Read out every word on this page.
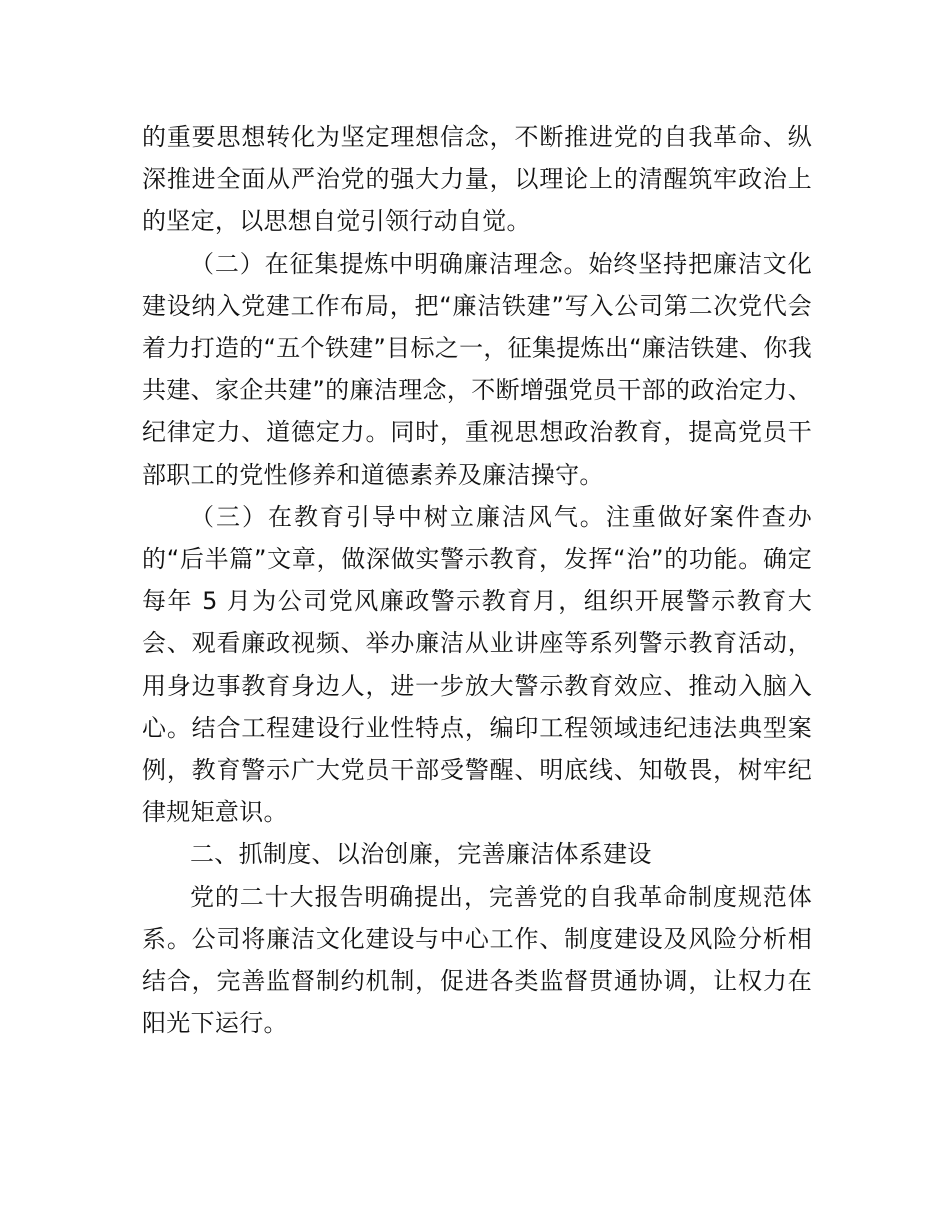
的重要思想转化为坚定理想信念，不断推进党的自我革命、纵深推进全面从严治党的强大力量，以理论上的清醒筑牢政治上的坚定，以思想自觉引领行动自觉。

（二）在征集提炼中明确廉洁理念。始终坚持把廉洁文化建设纳入党建工作布局，把“廉洁铁建”写入公司第二次党代会着力打造的“五个铁建”目标之一，征集提炼出“廉洁铁建、你我共建、家企共建”的廉洁理念，不断增强党员干部的政治定力、纪律定力、道德定力。同时，重视思想政治教育，提高党员干部职工的党性修养和道德素养及廉洁操守。

（三）在教育引导中树立廉洁风气。注重做好案件查办的“后半篇”文章，做深做实警示教育，发挥“治”的功能。确定每年 5 月为公司党风廉政警示教育月，组织开展警示教育大会、观看廉政视频、举办廉洁从业讲座等系列警示教育活动，用身边事教育身边人，进一步放大警示教育效应、推动入脑入心。结合工程建设行业性特点，编印工程领域违纪违法典型案例，教育警示广大党员干部受警醒、明底线、知敬畏，树牢纪律规矩意识。

二、抓制度、以治创廉，完善廉洁体系建设

党的二十大报告明确提出，完善党的自我革命制度规范体系。公司将廉洁文化建设与中心工作、制度建设及风险分析相结合，完善监督制约机制，促进各类监督贯通协调，让权力在阳光下运行。
